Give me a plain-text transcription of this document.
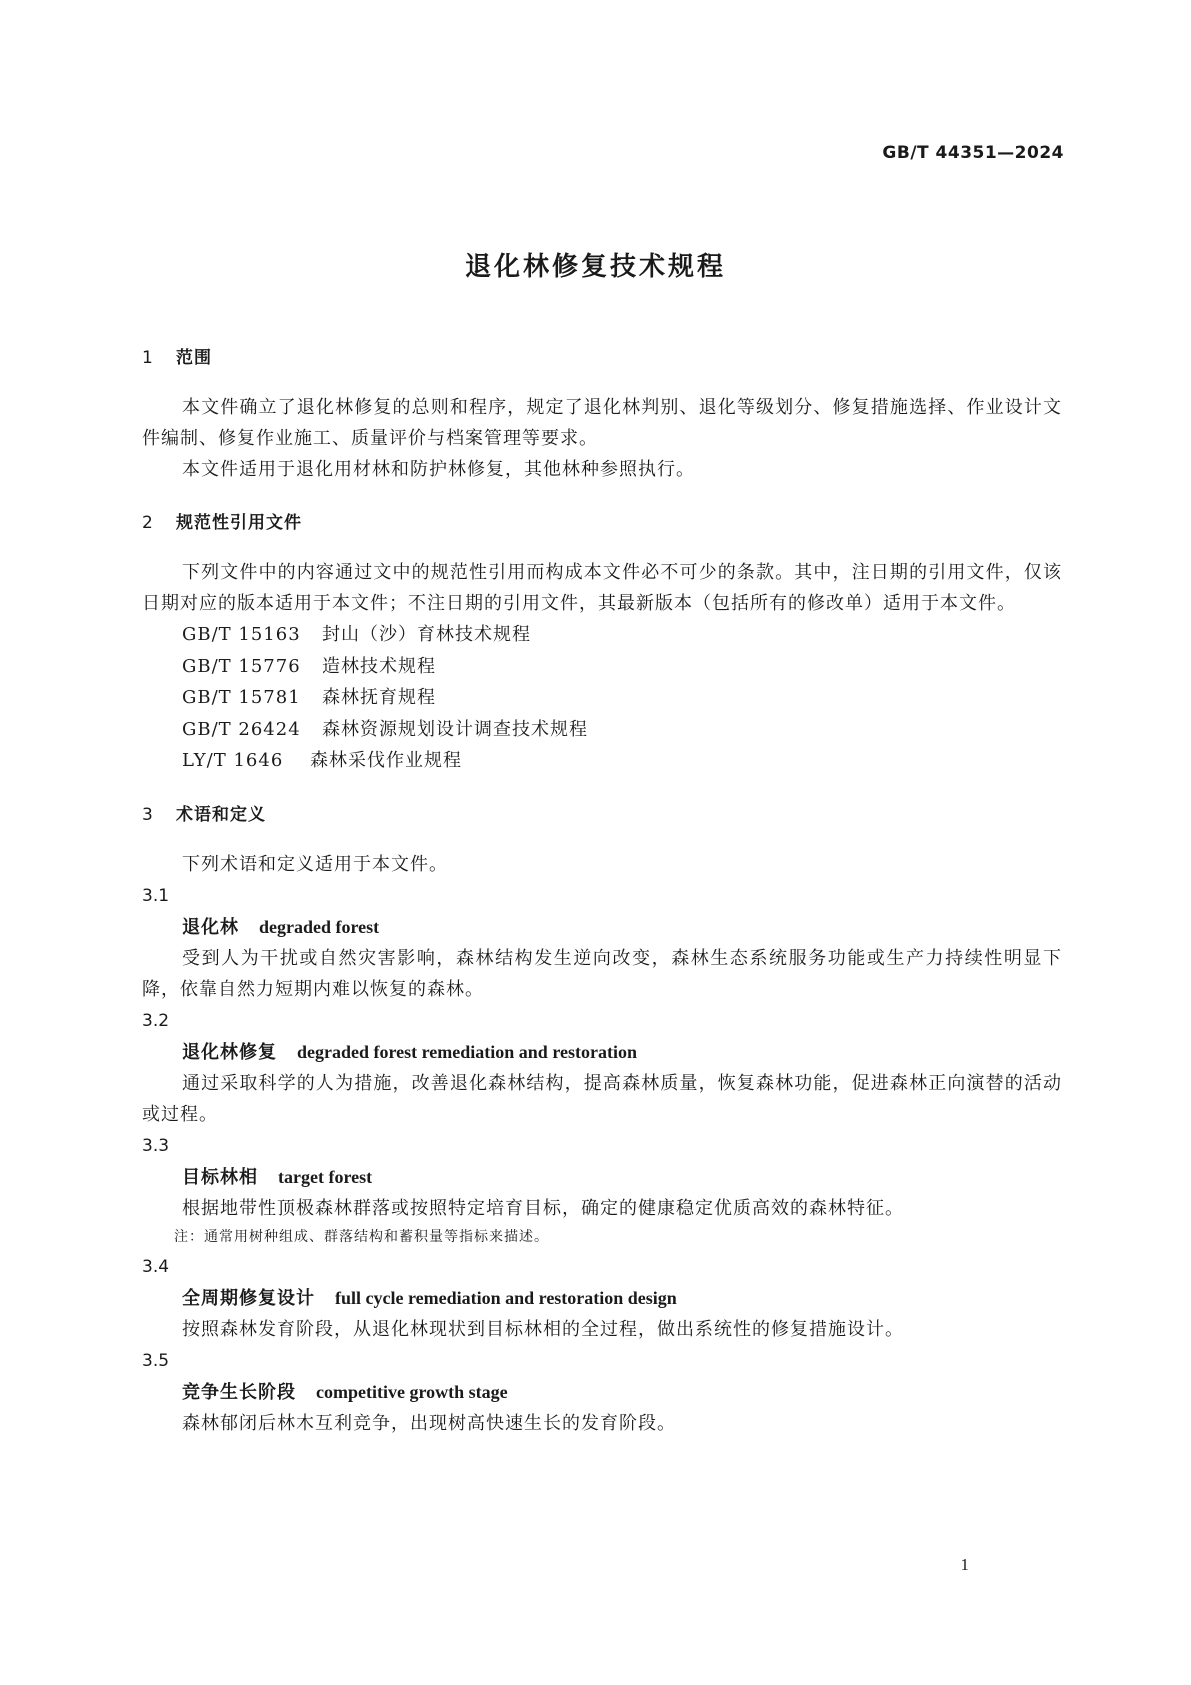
GB/T 44351—2024
退化林修复技术规程
1 范围

本文件确立了退化林修复的总则和程序，规定了退化林判别、退化等级划分、修复措施选择、作业设计文件编制、修复作业施工、质量评价与档案管理等要求。

本文件适用于退化用材林和防护林修复，其他林种参照执行。

2 规范性引用文件

下列文件中的内容通过文中的规范性引用而构成本文件必不可少的条款。其中，注日期的引用文件，仅该日期对应的版本适用于本文件；不注日期的引用文件，其最新版本（包括所有的修改单）适用于本文件。

GB/T 15163 封山（沙）育林技术规程
GB/T 15776 造林技术规程
GB/T 15781 森林抚育规程
GB/T 26424 森林资源规划设计调查技术规程
LY/T 1646 森林采伐作业规程
3 术语和定义

下列术语和定义适用于本文件。

3.1
退化林 degraded forest

受到人为干扰或自然灾害影响，森林结构发生逆向改变，森林生态系统服务功能或生产力持续性明显下降，依靠自然力短期内难以恢复的森林。

3.2
退化林修复 degraded forest remediation and restoration

通过采取科学的人为措施，改善退化森林结构，提高森林质量，恢复森林功能，促进森林正向演替的活动或过程。

3.3
目标林相 target forest

根据地带性顶极森林群落或按照特定培育目标，确定的健康稳定优质高效的森林特征。

注：通常用树种组成、群落结构和蓄积量等指标来描述。
3.4
全周期修复设计 full cycle remediation and restoration design

按照森林发育阶段，从退化林现状到目标林相的全过程，做出系统性的修复措施设计。

3.5
竞争生长阶段 competitive growth stage

森林郁闭后林木互利竞争，出现树高快速生长的发育阶段。

1
